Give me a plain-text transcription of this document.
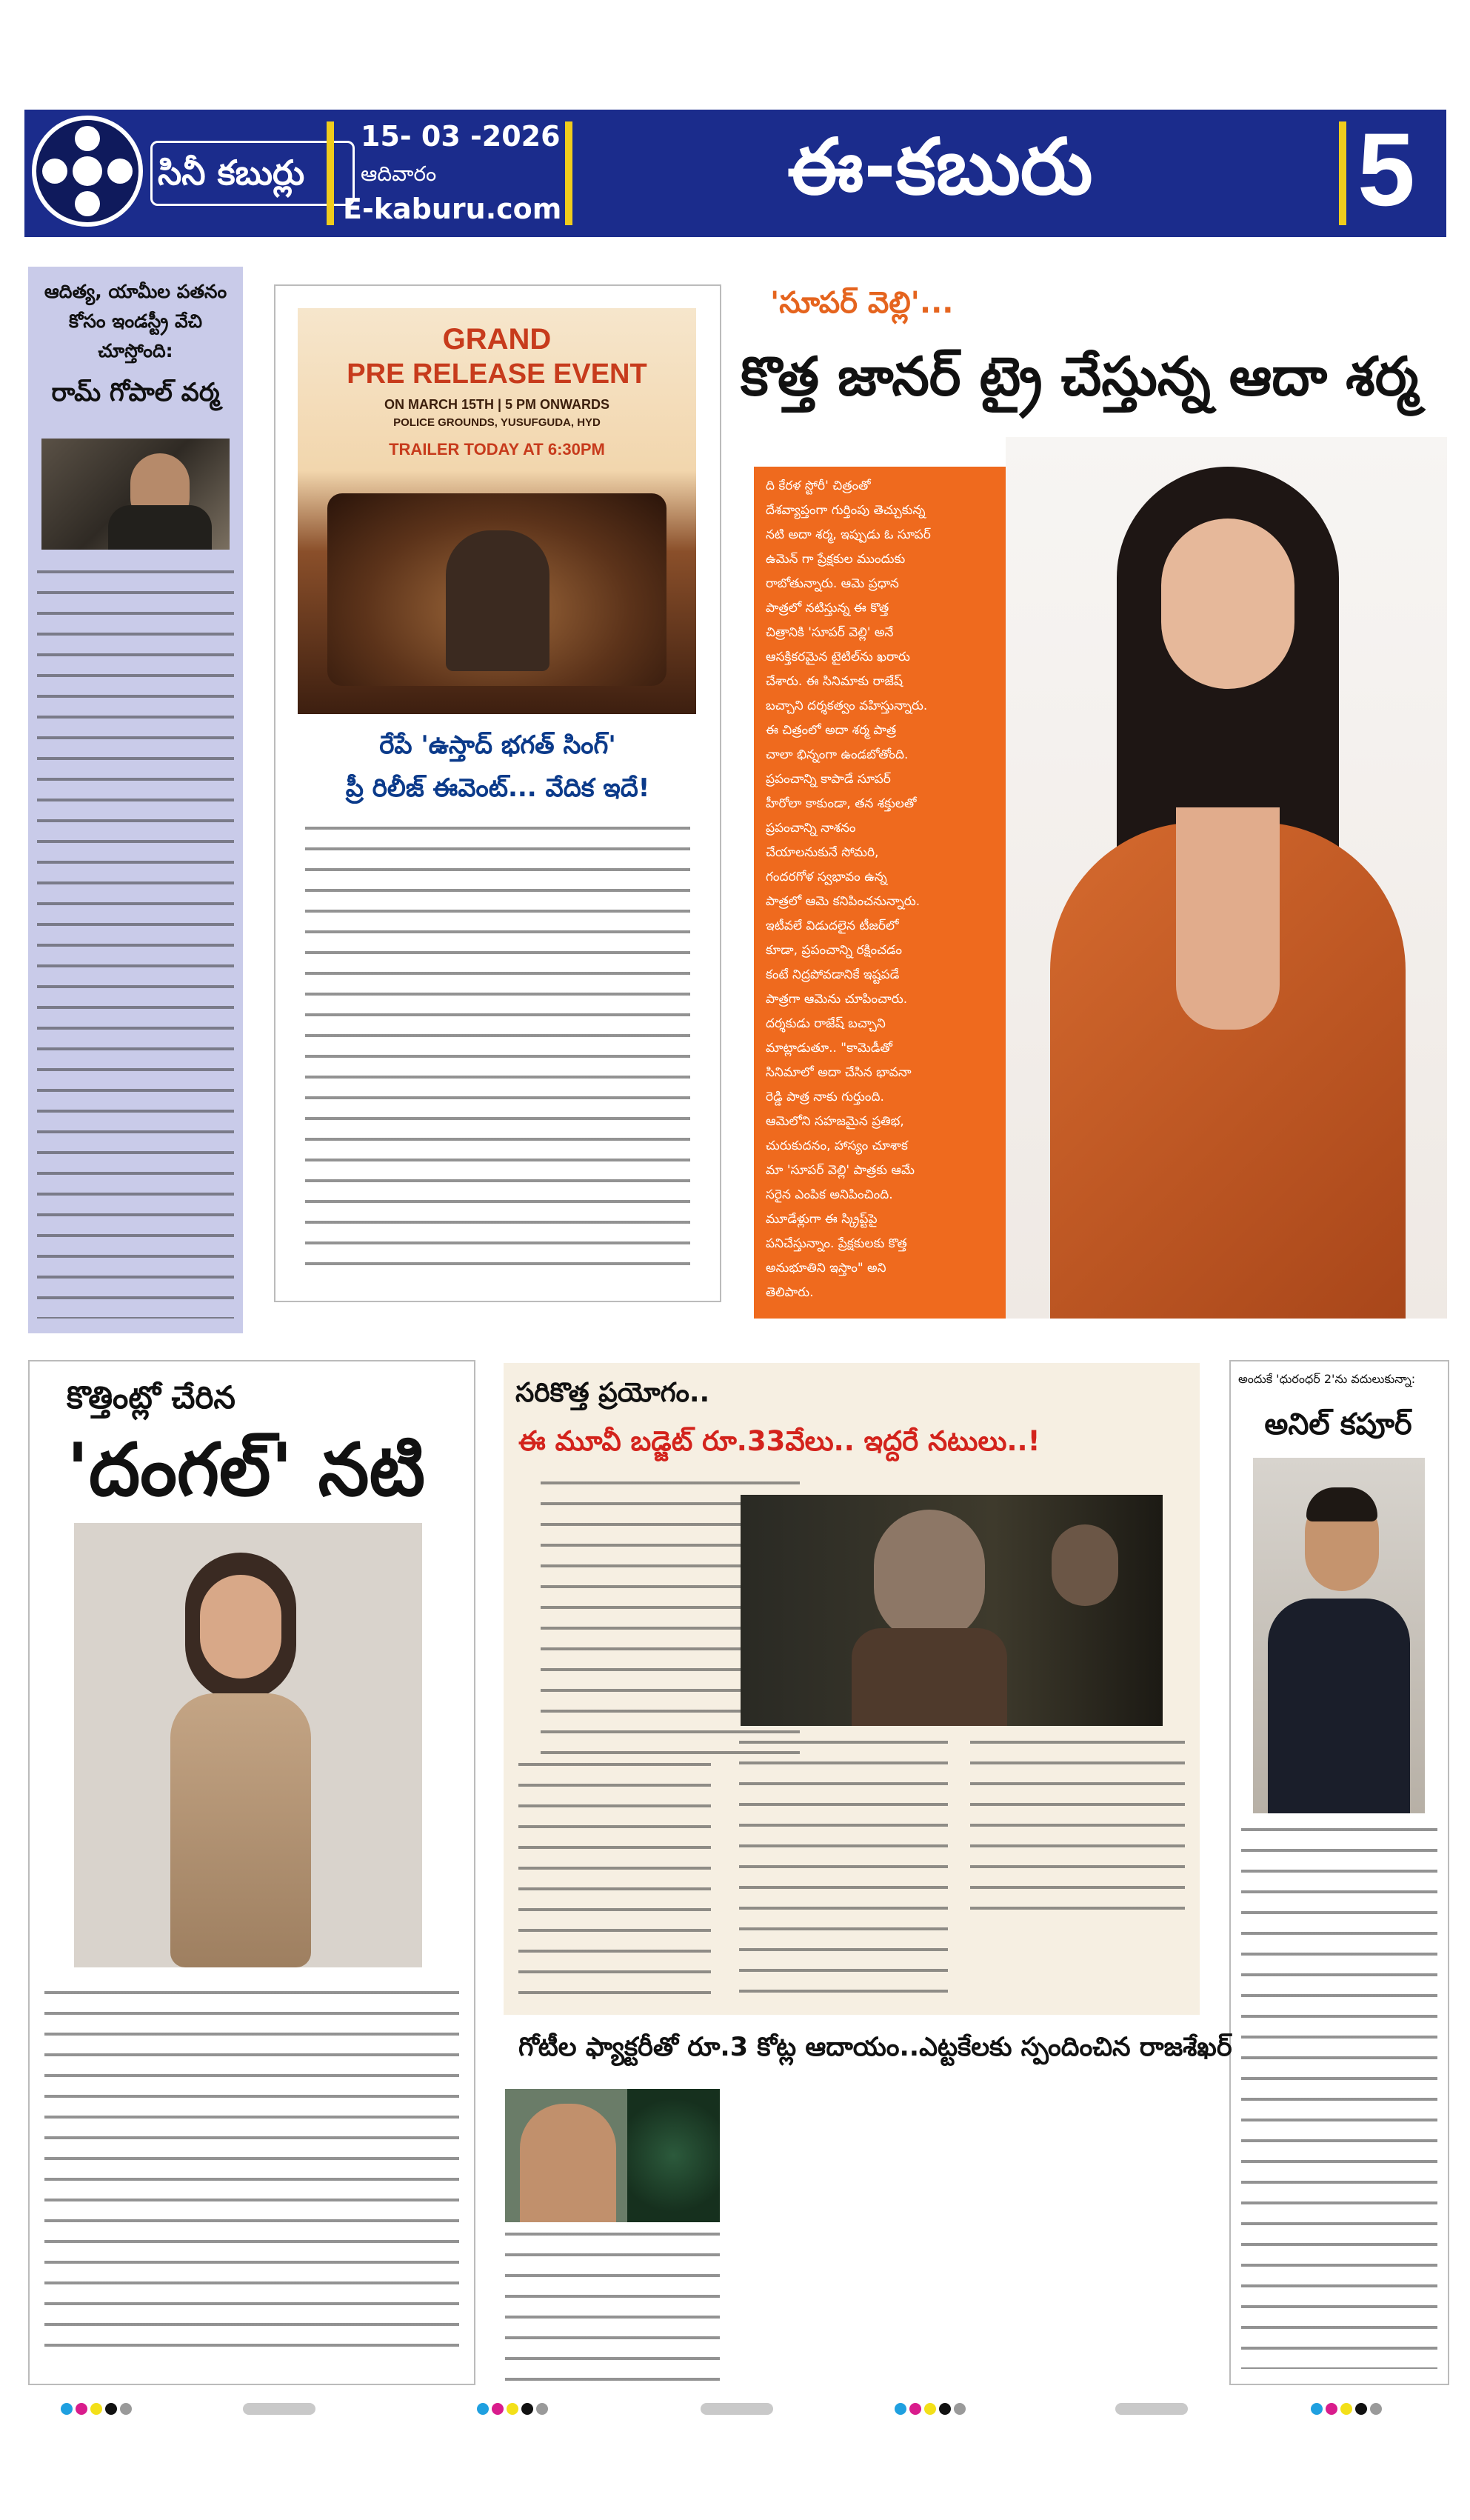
సినీ కబుర్లు
15- 03 -2026
ఆదివారం
E-kaburu.com	ఈ-కబురు	5
ఆదిత్య, యామీల పతనం కోసం ఇండస్ట్రీ వేచి చూస్తోంది:
రామ్ గోపాల్ వర్మ
GRAND
PRE RELEASE EVENT
ON MARCH 15TH | 5 PM ONWARDS
POLICE GROUNDS, YUSUFGUDA, HYD
TRAILER TODAY AT 6:30PM
రేపే 'ఉస్తాద్ భగత్ సింగ్'
ప్రీ రిలీజ్ ఈవెంట్... వేదిక ఇదే!
'సూపర్ వెల్లి'...
కొత్త జానర్ ట్రై చేస్తున్న ఆదా శర్మ
ది కేరళ స్టోరీ' చిత్రంతో
దేశవ్యాప్తంగా గుర్తింపు తెచ్చుకున్న
నటి అదా శర్మ, ఇప్పుడు ఓ సూపర్
ఉమెన్ గా ప్రేక్షకుల ముందుకు
రాబోతున్నారు. ఆమె ప్రధాన
పాత్రలో నటిస్తున్న ఈ కొత్త
చిత్రానికి 'సూపర్ వెల్లి' అనే
ఆసక్తికరమైన టైటిల్‌ను ఖరారు
చేశారు. ఈ సినిమాకు రాజేష్
బచ్చాని దర్శకత్వం వహిస్తున్నారు.
ఈ చిత్రంలో అదా శర్మ పాత్ర
చాలా భిన్నంగా ఉండబోతోంది.
ప్రపంచాన్ని కాపాడే సూపర్
హీరోలా కాకుండా, తన శక్తులతో
ప్రపంచాన్ని నాశనం
చేయాలనుకునే సోమరి,
గందరగోళ స్వభావం ఉన్న
పాత్రలో ఆమె కనిపించనున్నారు.
ఇటీవలే విడుదలైన టీజర్‌లో
కూడా, ప్రపంచాన్ని రక్షించడం
కంటే నిద్రపోవడానికే ఇష్టపడే
పాత్రగా ఆమెను చూపించారు.
దర్శకుడు రాజేష్ బచ్చాని
మాట్లాడుతూ.. "కామెడీతో
సినిమాలో అదా చేసిన భావనా
రెడ్డి పాత్ర నాకు గుర్తుంది.
ఆమెలోని సహజమైన ప్రతిభ,
చురుకుదనం, హాస్యం చూశాక
మా 'సూపర్ వెల్లి' పాత్రకు ఆమే
సరైన ఎంపిక అనిపించింది.
మూడేళ్లుగా ఈ స్క్రిప్ట్‌పై
పనిచేస్తున్నాం. ప్రేక్షకులకు కొత్త
అనుభూతిని ఇస్తాం" అని
తెలిపారు.
కొత్తింట్లో చేరిన
'దంగల్' నటి
సరికొత్త ప్రయోగం..
ఈ మూవీ బడ్జెట్ రూ.33వేలు.. ఇద్దరే నటులు..!
అందుకే 'ధురంధర్ 2'ను వదులుకున్నా:
అనిల్ కపూర్
గోటీల ఫ్యాక్టరీతో రూ.3 కోట్ల ఆదాయం..ఎట్టకేలకు స్పందించిన రాజశేఖర్
